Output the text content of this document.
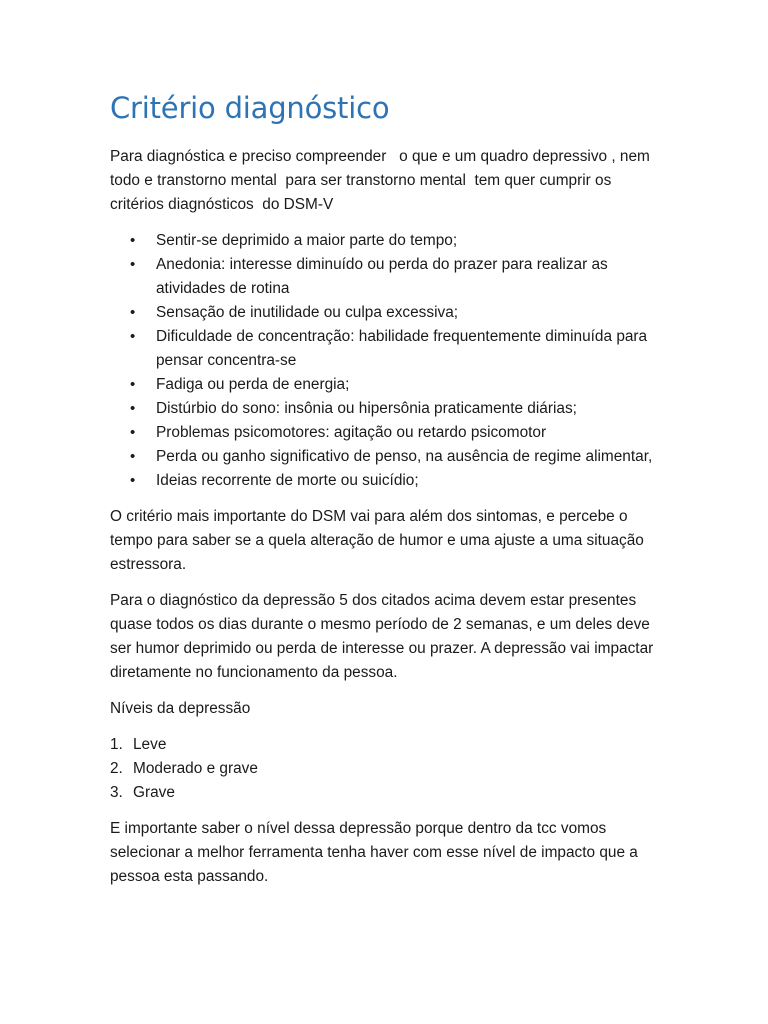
Critério diagnóstico

Para diagnóstica e preciso compreender   o que e um quadro depressivo , nem todo e transtorno mental  para ser transtorno mental  tem quer cumprir os critérios diagnósticos  do DSM-V

• Sentir-se deprimido a maior parte do tempo;
• Anedonia: interesse diminuído ou perda do prazer para realizar as atividades de rotina
• Sensação de inutilidade ou culpa excessiva;
• Dificuldade de concentração: habilidade frequentemente diminuída para pensar concentra-se
• Fadiga ou perda de energia;
• Distúrbio do sono: insônia ou hipersônia praticamente diárias;
• Problemas psicomotores: agitação ou retardo psicomotor
• Perda ou ganho significativo de penso, na ausência de regime alimentar,
• Ideias recorrente de morte ou suicídio;

O critério mais importante do DSM vai para além dos sintomas, e percebe o tempo para saber se a quela alteração de humor e uma ajuste a uma situação estressora.

Para o diagnóstico da depressão 5 dos citados acima devem estar presentes quase todos os dias durante o mesmo período de 2 semanas, e um deles deve ser humor deprimido ou perda de interesse ou prazer. A depressão vai impactar diretamente no funcionamento da pessoa.

Níveis da depressão

1. Leve
2. Moderado e grave
3. Grave

E importante saber o nível dessa depressão porque dentro da tcc vomos selecionar a melhor ferramenta tenha haver com esse nível de impacto que a pessoa esta passando.
